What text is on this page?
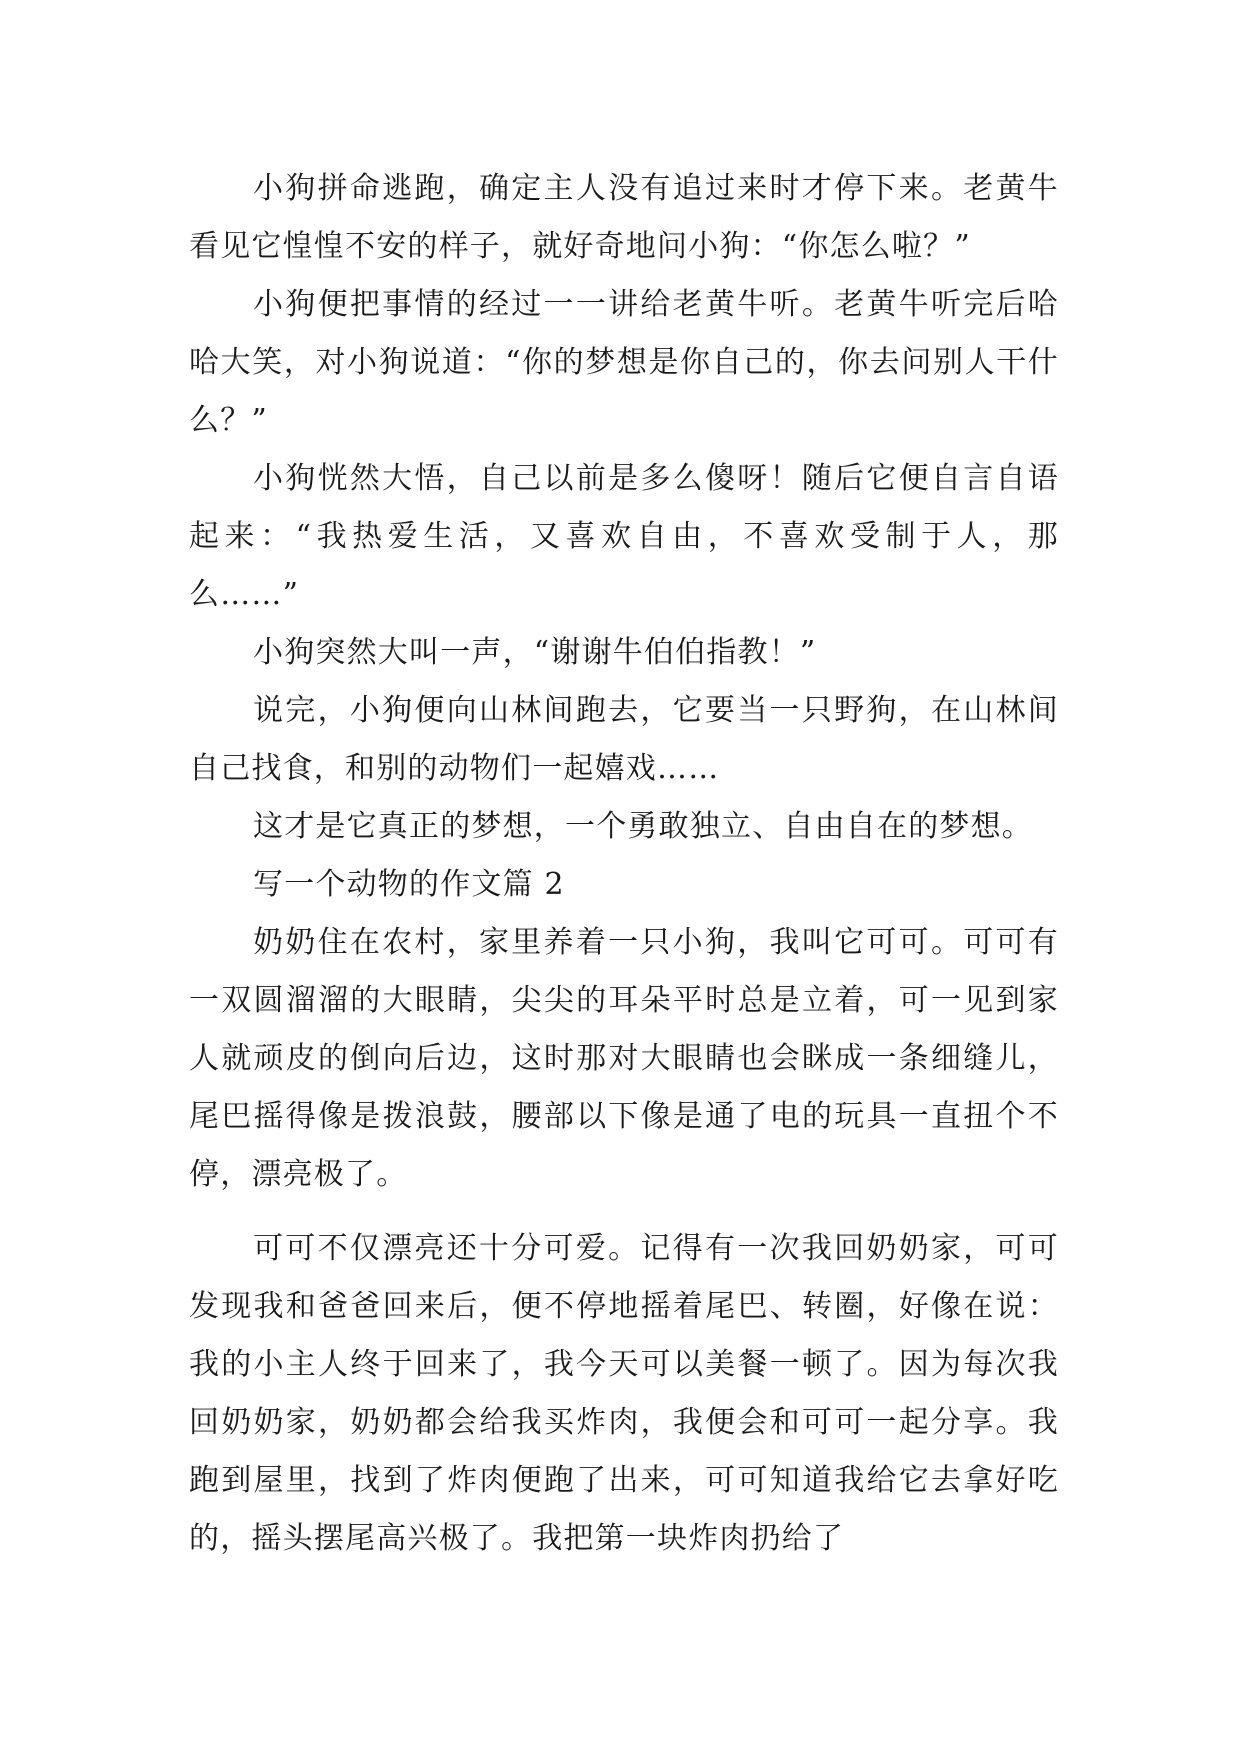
小狗拼命逃跑，确定主人没有追过来时才停下来。老黄牛看见它惶惶不安的样子，就好奇地问小狗：“你怎么啦？”

小狗便把事情的经过一一讲给老黄牛听。老黄牛听完后哈哈大笑，对小狗说道：“你的梦想是你自己的，你去问别人干什么？”

小狗恍然大悟，自己以前是多么傻呀！随后它便自言自语起来：“我热爱生活，又喜欢自由，不喜欢受制于人，那么……”

小狗突然大叫一声，“谢谢牛伯伯指教！”

说完，小狗便向山林间跑去，它要当一只野狗，在山林间自己找食，和别的动物们一起嬉戏……

这才是它真正的梦想，一个勇敢独立、自由自在的梦想。

写一个动物的作文篇 2

奶奶住在农村，家里养着一只小狗，我叫它可可。可可有一双圆溜溜的大眼睛，尖尖的耳朵平时总是立着，可一见到家人就顽皮的倒向后边，这时那对大眼睛也会眯成一条细缝儿，尾巴摇得像是拨浪鼓，腰部以下像是通了电的玩具一直扭个不停，漂亮极了。

可可不仅漂亮还十分可爱。记得有一次我回奶奶家，可可发现我和爸爸回来后，便不停地摇着尾巴、转圈，好像在说：我的小主人终于回来了，我今天可以美餐一顿了。因为每次我回奶奶家，奶奶都会给我买炸肉，我便会和可可一起分享。我跑到屋里，找到了炸肉便跑了出来，可可知道我给它去拿好吃的，摇头摆尾高兴极了。我把第一块炸肉扔给了
